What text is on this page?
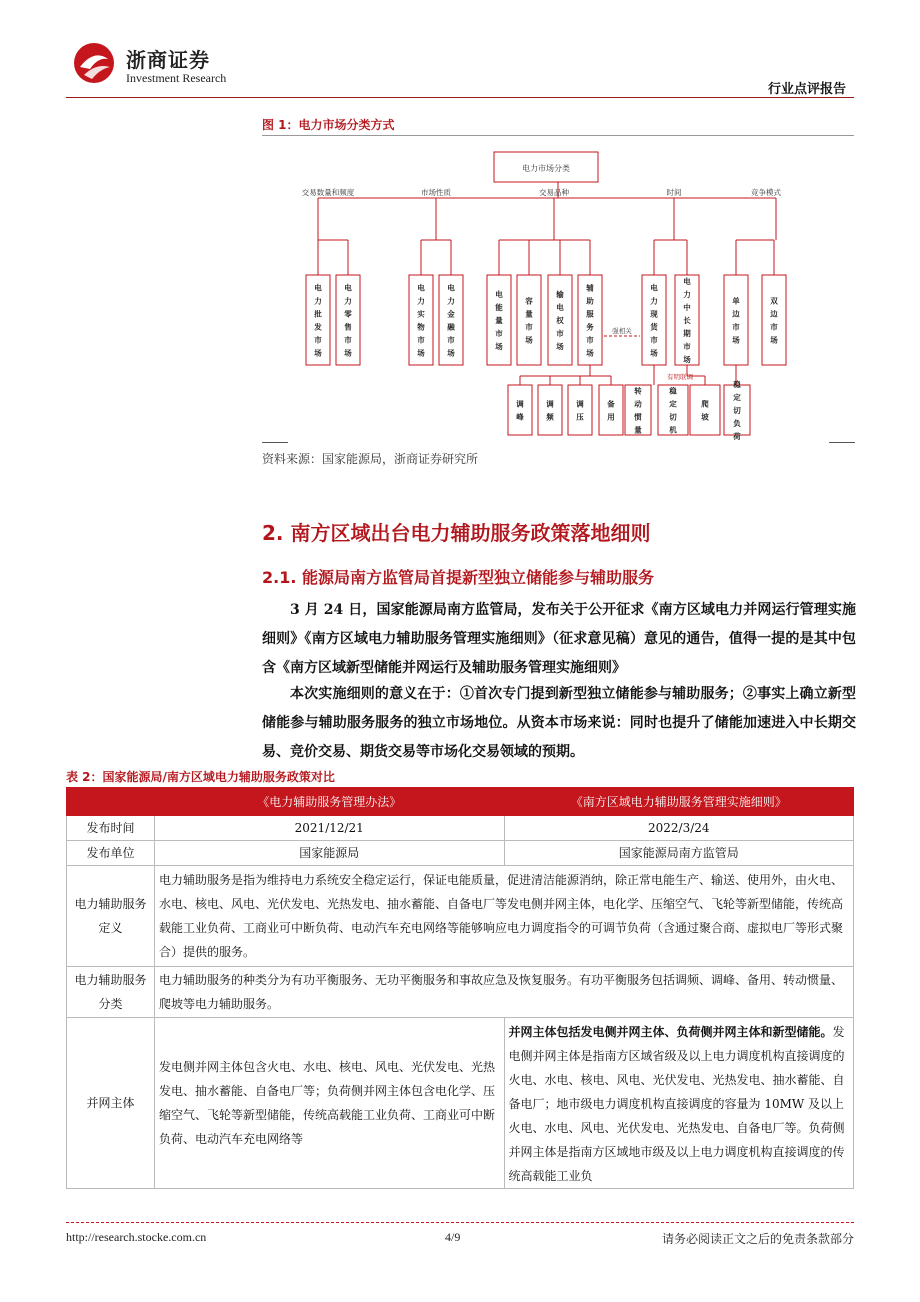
浙商证券
Investment Research
行业点评报告
图 1：电力市场分类方式
电力市场分类
交易数量和频度	市场性质	交易品种	时间	竞争模式
电
力
批
发
市
场
电
力
零
售
市
场
电
力
实
物
市
场
电
力
金
融
市
场
电
能
量
市
场
容
量
市
场
输
电
权
市
场
辅
助
服
务
市
场
电
力
现
货
市
场
电
力
中
长
期
市
场
单
边
市
场
双
边
市
场
调
峰
调
频
调
压
备
用
转
动
惯
量
稳
定
切
机
爬
坡
稳
定
切
负
荷
强相关
有明联调
资料来源：国家能源局，浙商证券研究所
2. 南方区域出台电力辅助服务政策落地细则
2.1. 能源局南方监管局首提新型独立储能参与辅助服务
3 月 24 日，国家能源局南方监管局，发布关于公开征求《南方区域电力并网运行管理实施细则》《南方区域电力辅助服务管理实施细则》（征求意见稿）意见的通告，值得一提的是其中包含《南方区域新型储能并网运行及辅助服务管理实施细则》
本次实施细则的意义在于：①首次专门提到新型独立储能参与辅助服务；②事实上确立新型储能参与辅助服务服务的独立市场地位。从资本市场来说：同时也提升了储能加速进入中长期交易、竞价交易、期货交易等市场化交易领域的预期。
表 2：国家能源局/南方区域电力辅助服务政策对比
	《电力辅助服务管理办法》	《南方区域电力辅助服务管理实施细则》
发布时间	2021/12/21	2022/3/24
发布单位	国家能源局	国家能源局南方监管局
电力辅助服务定义	电力辅助服务是指为维持电力系统安全稳定运行，保证电能质量，促进清洁能源消纳，除正常电能生产、输送、使用外，由火电、水电、核电、风电、光伏发电、光热发电、抽水蓄能、自备电厂等发电侧并网主体，电化学、压缩空气、飞轮等新型储能，传统高载能工业负荷、工商业可中断负荷、电动汽车充电网络等能够响应电力调度指令的可调节负荷（含通过聚合商、虚拟电厂等形式聚合）提供的服务。	
电力辅助服务分类	电力辅助服务的种类分为有功平衡服务、无功平衡服务和事故应急及恢复服务。有功平衡服务包括调频、调峰、备用、转动惯量、爬坡等电力辅助服务。	
并网主体	发电侧并网主体包含火电、水电、核电、风电、光伏发电、光热发电、抽水蓄能、自备电厂等；负荷侧并网主体包含电化学、压缩空气、飞轮等新型储能，传统高载能工业负荷、工商业可中断负荷、电动汽车充电网络等	并网主体包括发电侧并网主体、负荷侧并网主体和新型储能。发电侧并网主体是指南方区域省级及以上电力调度机构直接调度的火电、水电、核电、风电、光伏发电、光热发电、抽水蓄能、自备电厂；地市级电力调度机构直接调度的容量为 10MW 及以上火电、水电、风电、光伏发电、光热发电、自备电厂等。负荷侧并网主体是指南方区域地市级及以上电力调度机构直接调度的传统高载能工业负
http://research.stocke.com.cn	4/9	请务必阅读正文之后的免责条款部分
